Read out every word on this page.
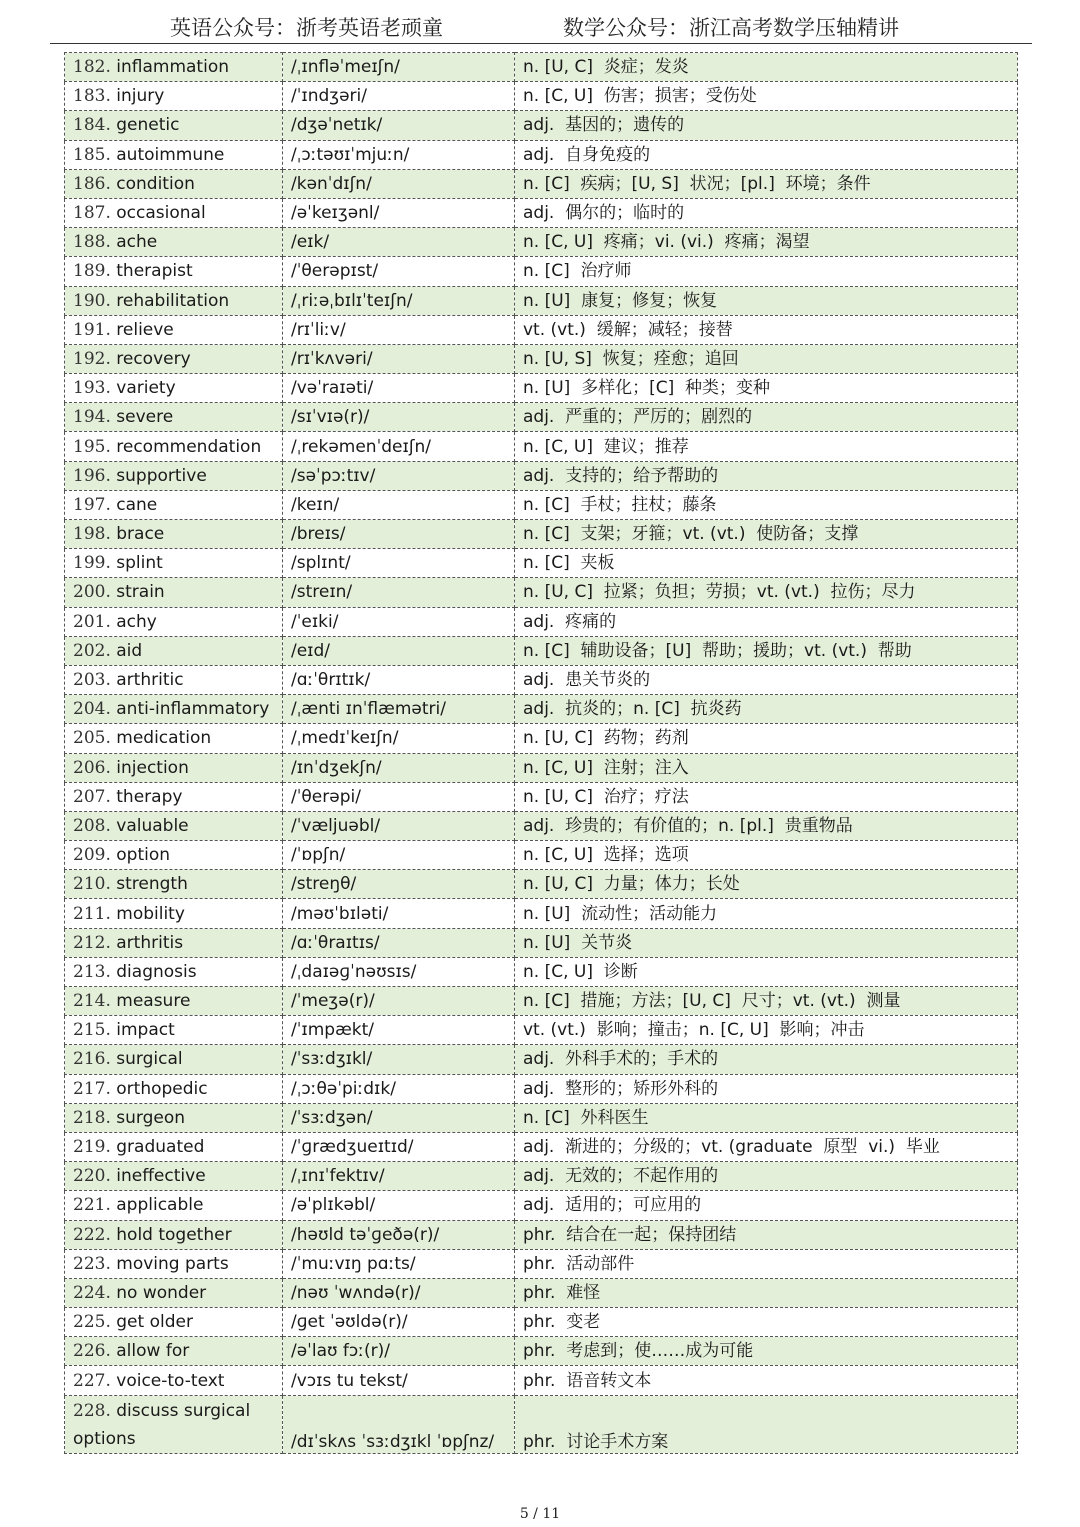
英语公众号：浙考英语老顽童	数学公众号：浙江高考数学压轴精讲
182. inflammation	/ˌɪnfləˈmeɪʃn/	n. [U, C]  炎症；发炎
183. injury	/ˈɪndʒəri/	n. [C, U]  伤害；损害；受伤处
184. genetic	/dʒəˈnetɪk/	adj.  基因的；遗传的
185. autoimmune	/ˌɔːtəʊɪˈmjuːn/	adj.  自身免疫的
186. condition	/kənˈdɪʃn/	n. [C]  疾病；[U, S]  状况；[pl.]  环境；条件
187. occasional	/əˈkeɪʒənl/	adj.  偶尔的；临时的
188. ache	/eɪk/	n. [C, U]  疼痛；vi. (vi.)  疼痛；渴望
189. therapist	/ˈθerəpɪst/	n. [C]  治疗师
190. rehabilitation	/ˌriːəˌbɪlɪˈteɪʃn/	n. [U]  康复；修复；恢复
191. relieve	/rɪˈliːv/	vt. (vt.)  缓解；减轻；接替
192. recovery	/rɪˈkʌvəri/	n. [U, S]  恢复；痊愈；追回
193. variety	/vəˈraɪəti/	n. [U]  多样化；[C]  种类；变种
194. severe	/sɪˈvɪə(r)/	adj.  严重的；严厉的；剧烈的
195. recommendation	/ˌrekəmenˈdeɪʃn/	n. [C, U]  建议；推荐
196. supportive	/səˈpɔːtɪv/	adj.  支持的；给予帮助的
197. cane	/keɪn/	n. [C]  手杖；拄杖；藤条
198. brace	/breɪs/	n. [C]  支架；牙箍；vt. (vt.)  使防备；支撑
199. splint	/splɪnt/	n. [C]  夹板
200. strain	/streɪn/	n. [U, C]  拉紧；负担；劳损；vt. (vt.)  拉伤；尽力
201. achy	/ˈeɪki/	adj.  疼痛的
202. aid	/eɪd/	n. [C]  辅助设备；[U]  帮助；援助；vt. (vt.)  帮助
203. arthritic	/ɑːˈθrɪtɪk/	adj.  患关节炎的
204. anti-inflammatory	/ˌænti ɪnˈflæmətri/	adj.  抗炎的；n. [C]  抗炎药
205. medication	/ˌmedɪˈkeɪʃn/	n. [U, C]  药物；药剂
206. injection	/ɪnˈdʒekʃn/	n. [C, U]  注射；注入
207. therapy	/ˈθerəpi/	n. [U, C]  治疗；疗法
208. valuable	/ˈvæljuəbl/	adj.  珍贵的；有价值的；n. [pl.]  贵重物品
209. option	/ˈɒpʃn/	n. [C, U]  选择；选项
210. strength	/streŋθ/	n. [U, C]  力量；体力；长处
211. mobility	/məʊˈbɪləti/	n. [U]  流动性；活动能力
212. arthritis	/ɑːˈθraɪtɪs/	n. [U]  关节炎
213. diagnosis	/ˌdaɪəɡˈnəʊsɪs/	n. [C, U]  诊断
214. measure	/ˈmeʒə(r)/	n. [C]  措施；方法；[U, C]  尺寸；vt. (vt.)  测量
215. impact	/ˈɪmpækt/	vt. (vt.)  影响；撞击；n. [C, U]  影响；冲击
216. surgical	/ˈsɜːdʒɪkl/	adj.  外科手术的；手术的
217. orthopedic	/ˌɔːθəˈpiːdɪk/	adj.  整形的；矫形外科的
218. surgeon	/ˈsɜːdʒən/	n. [C]  外科医生
219. graduated	/ˈɡrædʒueɪtɪd/	adj.  渐进的；分级的；vt. (graduate  原型  vi.)  毕业
220. ineffective	/ˌɪnɪˈfektɪv/	adj.  无效的；不起作用的
221. applicable	/əˈplɪkəbl/	adj.  适用的；可应用的
222. hold together	/həʊld təˈɡeðə(r)/	phr.  结合在一起；保持团结
223. moving parts	/ˈmuːvɪŋ pɑːts/	phr.  活动部件
224. no wonder	/nəʊ ˈwʌndə(r)/	phr.  难怪
225. get older	/ɡet ˈəʊldə(r)/	phr.  变老
226. allow for	/əˈlaʊ fɔː(r)/	phr.  考虑到；使……成为可能
227. voice-to-text	/vɔɪs tu tekst/	phr.  语音转文本
228. discuss surgical options	/dɪˈskʌs ˈsɜːdʒɪkl ˈɒpʃnz/	phr.  讨论手术方案
5 / 11
